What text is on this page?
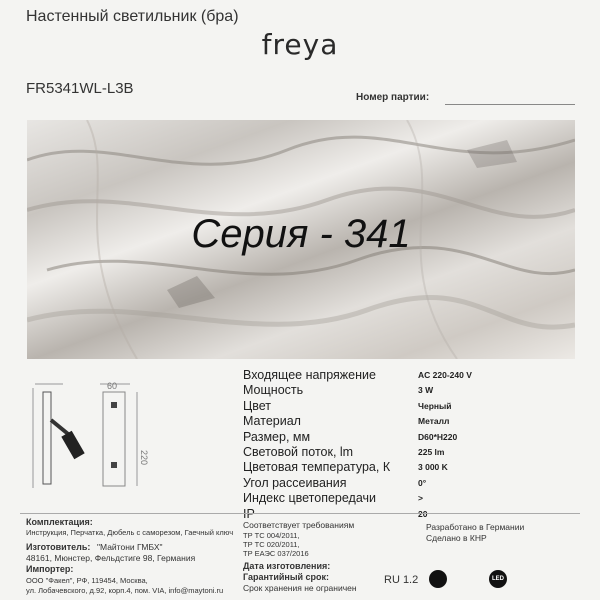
Настенный светильник (бра)
freya
FR5341WL-L3B
Номер партии:
Серия - 341
60
220
Входящее напряжение
Мощность
Цвет
Материал
Размер, мм
Световой поток, lm
Цветовая температура, К
Угол рассеивания
Индекс цветопередачи
AC 220-240 V
3 W
Черный
Металл
D60*H220
225 lm
3 000 K
0°
>
Комплектация:
Инструкция, Перчатка, Дюбель с саморезом, Гаечный ключ
Изготовитель: "Майтони ГМБХ"
48161, Мюнстер, Фельдстиге 98, Германия
Импортер:
ООО "Факел", РФ, 119454, Москва,
ул. Лобачевского, д.92, корп.4, пом. VIA, info@maytoni.ru
Соответствует требованиям
ТР ТС 004/2011,
ТР ТС 020/2011,
ТР ЕАЭС 037/2016
Дата изготовления:
Гарантийный срок:
Срок хранения не ограничен
Разработано в Германии
Сделано в КНР
RU 1.2	LED
